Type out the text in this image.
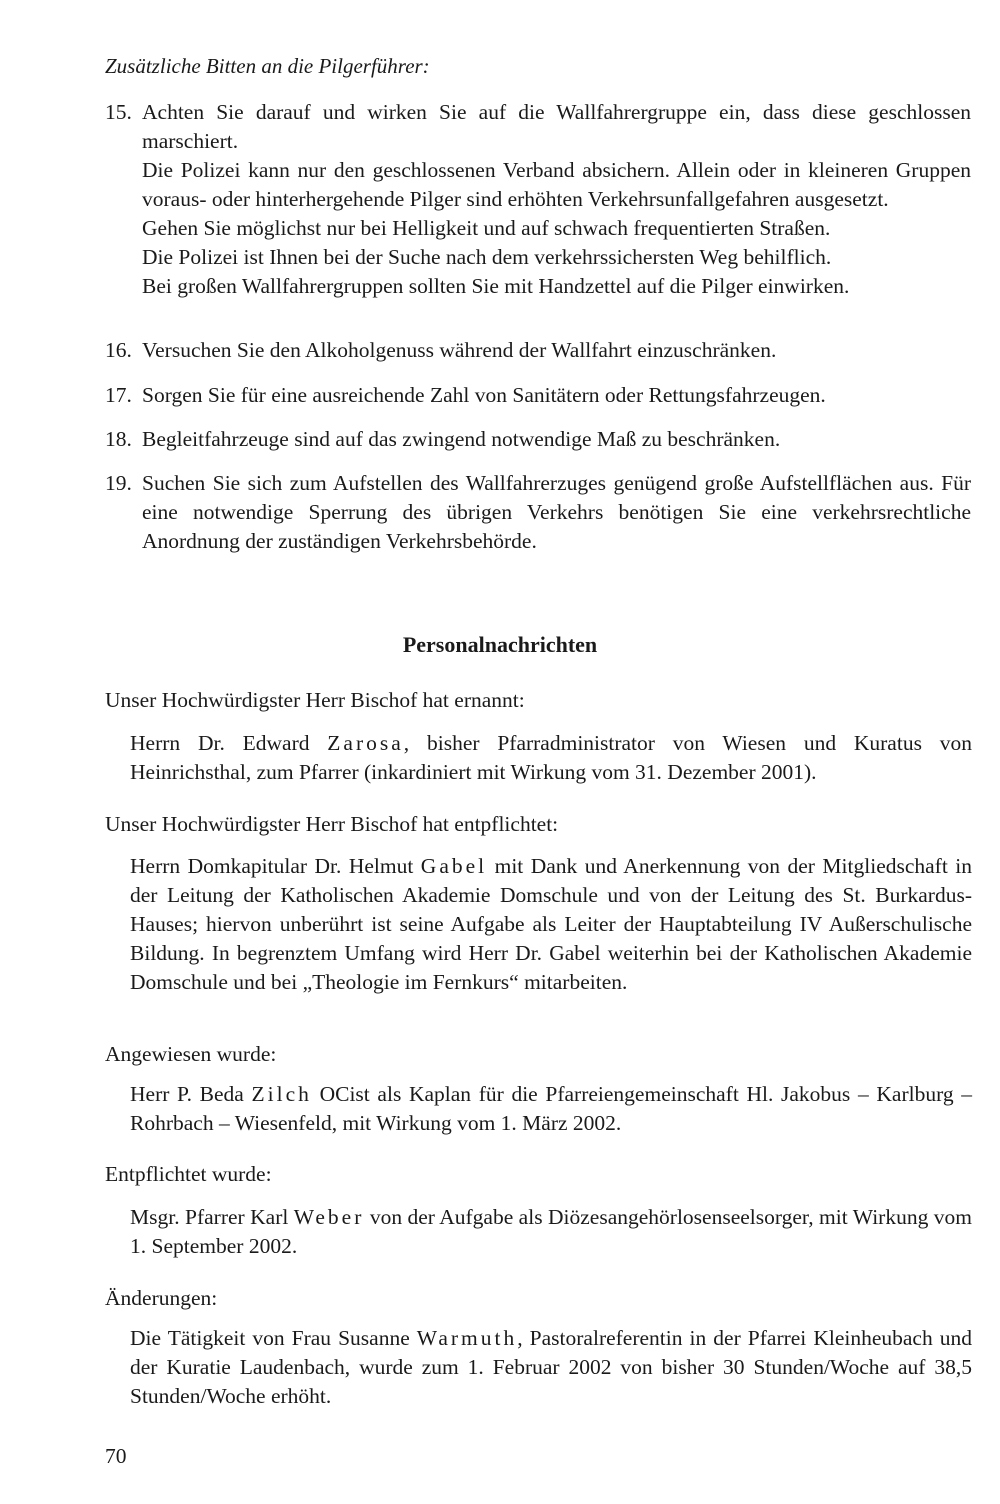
Zusätzliche Bitten an die Pilgerführer:

15. Achten Sie darauf und wirken Sie auf die Wallfahrergruppe ein, dass diese geschlossen marschiert.

Die Polizei kann nur den geschlossenen Verband absichern. Allein oder in kleineren Gruppen voraus- oder hinterhergehende Pilger sind erhöhten Verkehrsunfallgefahren ausgesetzt.

Gehen Sie möglichst nur bei Helligkeit und auf schwach frequentierten Straßen.

Die Polizei ist Ihnen bei der Suche nach dem verkehrssichersten Weg behilflich.

Bei großen Wallfahrergruppen sollten Sie mit Handzettel auf die Pilger einwirken.

16. Versuchen Sie den Alkoholgenuss während der Wallfahrt einzuschränken.

17. Sorgen Sie für eine ausreichende Zahl von Sanitätern oder Rettungsfahrzeugen.

18. Begleitfahrzeuge sind auf das zwingend notwendige Maß zu beschränken.

19. Suchen Sie sich zum Aufstellen des Wallfahrerzuges genügend große Aufstellflächen aus. Für eine notwendige Sperrung des übrigen Verkehrs benötigen Sie eine verkehrsrechtliche Anordnung der zuständigen Verkehrsbehörde.

Personalnachrichten

Unser Hochwürdigster Herr Bischof hat ernannt:

Herrn Dr. Edward Zarosa, bisher Pfarradministrator von Wiesen und Kuratus von Heinrichsthal, zum Pfarrer (inkardiniert mit Wirkung vom 31. Dezember 2001).

Unser Hochwürdigster Herr Bischof hat entpflichtet:

Herrn Domkapitular Dr. Helmut Gabel mit Dank und Anerkennung von der Mitgliedschaft in der Leitung der Katholischen Akademie Domschule und von der Leitung des St. Burkardus-Hauses; hiervon unberührt ist seine Aufgabe als Leiter der Hauptabteilung IV Außerschulische Bildung. In begrenztem Umfang wird Herr Dr. Gabel weiterhin bei der Katholischen Akademie Domschule und bei „Theologie im Fernkurs“ mitarbeiten.

Angewiesen wurde:

Herr P. Beda Zilch OCist als Kaplan für die Pfarreiengemeinschaft Hl. Jakobus – Karlburg – Rohrbach – Wiesenfeld, mit Wirkung vom 1. März 2002.

Entpflichtet wurde:

Msgr. Pfarrer Karl Weber von der Aufgabe als Diözesangehörlosenseelsorger, mit Wirkung vom 1. September 2002.

Änderungen:

Die Tätigkeit von Frau Susanne Warmuth, Pastoralreferentin in der Pfarrei Kleinheubach und der Kuratie Laudenbach, wurde zum 1. Februar 2002 von bisher 30 Stunden/Woche auf 38,5 Stunden/Woche erhöht.

70
